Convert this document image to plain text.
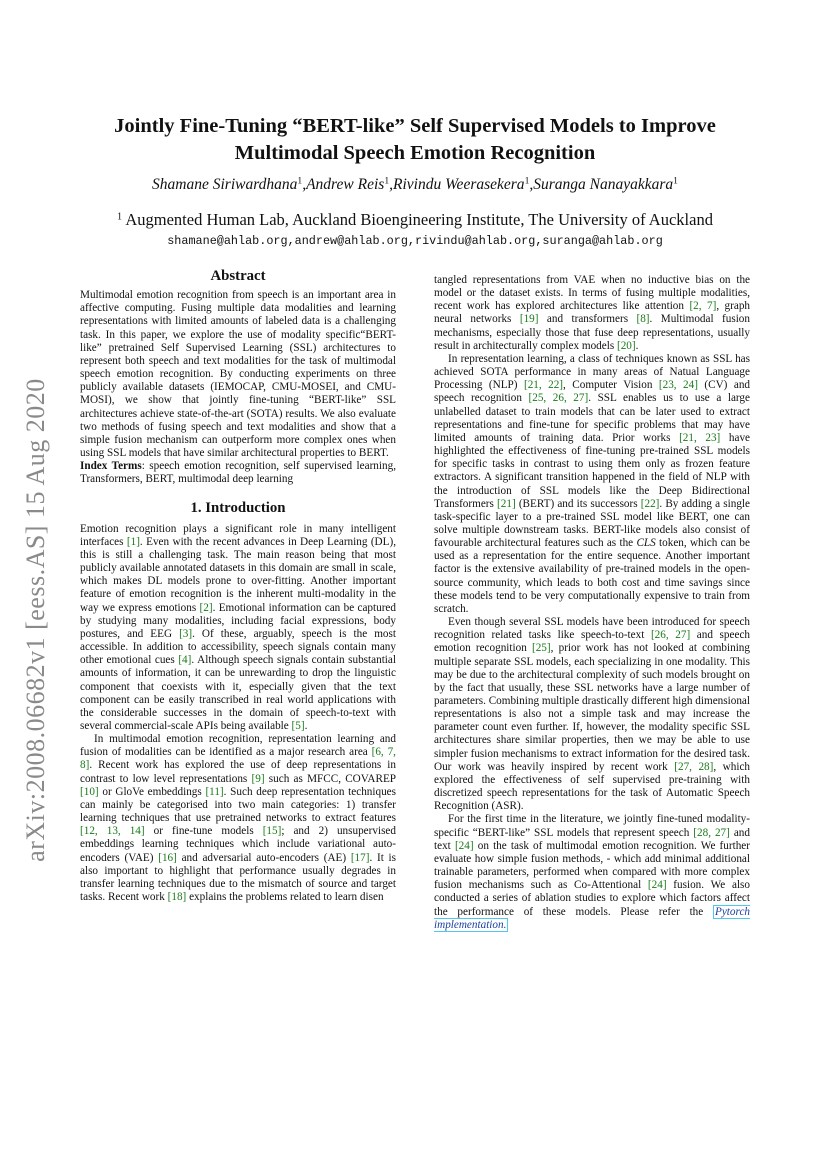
arXiv:2008.06682v1 [eess.AS] 15 Aug 2020
Jointly Fine-Tuning “BERT-like” Self Supervised Models to Improve
Multimodal Speech Emotion Recognition
Shamane Siriwardhana$^1$,Andrew Reis$^1$,Rivindu Weerasekera$^1$,Suranga Nanayakkara$^1$
$^1$ Augmented Human Lab, Auckland Bioengineering Institute, The University of Auckland
shamane@ahlab.org,andrew@ahlab.org,rivindu@ahlab.org,suranga@ahlab.org
Abstract

Multimodal emotion recognition from speech is an important area in affective computing. Fusing multiple data modalities and learning representations with limited amounts of labeled data is a challenging task. In this paper, we explore the use of modality specific“BERT-like” pretrained Self Supervised Learning (SSL) architectures to represent both speech and text modalities for the task of multimodal speech emotion recognition. By conducting experiments on three publicly available datasets (IEMOCAP, CMU-MOSEI, and CMU-MOSI), we show that jointly fine-tuning “BERT-like” SSL architectures achieve state-of-the-art (SOTA) results. We also evaluate two methods of fusing speech and text modalities and show that a simple fusion mechanism can outperform more complex ones when using SSL models that have similar architectural properties to BERT.

Index Terms: speech emotion recognition, self supervised learning, Transformers, BERT, multimodal deep learning

1. Introduction

Emotion recognition plays a significant role in many intelligent interfaces [1]. Even with the recent advances in Deep Learning (DL), this is still a challenging task. The main reason being that most publicly available annotated datasets in this domain are small in scale, which makes DL models prone to over-fitting. Another important feature of emotion recognition is the inherent multi-modality in the way we express emotions [2]. Emotional information can be captured by studying many modalities, including facial expressions, body postures, and EEG [3]. Of these, arguably, speech is the most accessible. In addition to accessibility, speech signals contain many other emotional cues [4]. Although speech signals contain substantial amounts of information, it can be unrewarding to drop the linguistic component that coexists with it, especially given that the text component can be easily transcribed in real world applications with the considerable successes in the domain of speech-to-text with several commercial-scale APIs being available [5].

In multimodal emotion recognition, representation learning and fusion of modalities can be identified as a major research area [6, 7, 8]. Recent work has explored the use of deep representations in contrast to low level representations [9] such as MFCC, COVAREP [10] or GloVe embeddings [11]. Such deep representation techniques can mainly be categorised into two main categories: 1) transfer learning techniques that use pretrained networks to extract features [12, 13, 14] or fine-tune models [15]; and 2) unsupervised embeddings learning techniques which include variational auto-encoders (VAE) [16] and adversarial auto-encoders (AE) [17]. It is also important to highlight that performance usually degrades in transfer learning techniques due to the mismatch of source and target tasks. Recent work [18] explains the problems related to learn disen

tangled representations from VAE when no inductive bias on the model or the dataset exists. In terms of fusing multiple modalities, recent work has explored architectures like attention [2, 7], graph neural networks [19] and transformers [8]. Multimodal fusion mechanisms, especially those that fuse deep representations, usually result in architecturally complex models [20].

In representation learning, a class of techniques known as SSL has achieved SOTA performance in many areas of Natual Language Processing (NLP) [21, 22], Computer Vision [23, 24] (CV) and speech recognition [25, 26, 27]. SSL enables us to use a large unlabelled dataset to train models that can be later used to extract representations and fine-tune for specific problems that may have limited amounts of training data. Prior works [21, 23] have highlighted the effectiveness of fine-tuning pre-trained SSL models for specific tasks in contrast to using them only as frozen feature extractors. A significant transition happened in the field of NLP with the introduction of SSL models like the Deep Bidirectional Transformers [21] (BERT) and its successors [22]. By adding a single task-specific layer to a pre-trained SSL model like BERT, one can solve multiple downstream tasks. BERT-like models also consist of favourable architectural features such as the CLS token, which can be used as a representation for the entire sequence. Another important factor is the extensive availability of pre-trained models in the open-source community, which leads to both cost and time savings since these models tend to be very computationally expensive to train from scratch.

Even though several SSL models have been introduced for speech recognition related tasks like speech-to-text [26, 27] and speech emotion recognition [25], prior work has not looked at combining multiple separate SSL models, each specializing in one modality. This may be due to the architectural complexity of such models brought on by the fact that usually, these SSL networks have a large number of parameters. Combining multiple drastically different high dimensional representations is also not a simple task and may increase the parameter count even further. If, however, the modality specific SSL architectures share similar properties, then we may be able to use simpler fusion mechanisms to extract information for the desired task. Our work was heavily inspired by recent work [27, 28], which explored the effectiveness of self supervised pre-training with discretized speech representations for the task of Automatic Speech Recognition (ASR).

For the first time in the literature, we jointly fine-tuned modality-specific “BERT-like” SSL models that represent speech [28, 27] and text [24] on the task of multimodal emotion recognition. We further evaluate how simple fusion methods, - which add minimal additional trainable parameters, performed when compared with more complex fusion mechanisms such as Co-Attentional [24] fusion. We also conducted a series of ablation studies to explore which factors affect the performance of these models. Please refer the Pytorch implementation.
